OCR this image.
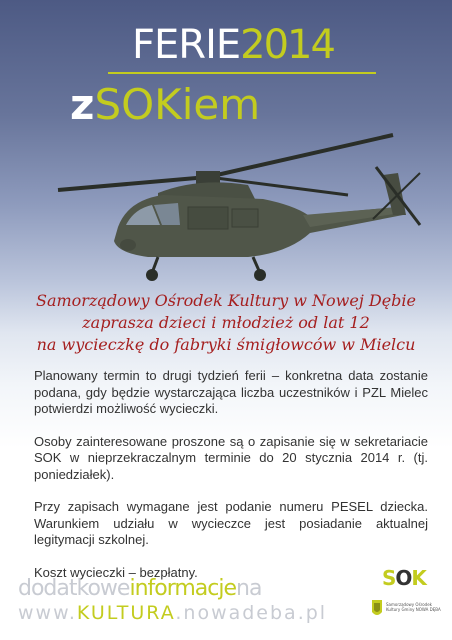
FERIE2014
zSOKiem
Samorządowy Ośrodek Kultury w Nowej Dębie
zaprasza dzieci i młodzież od lat 12
na wycieczkę do fabryki śmigłowców w Mielcu

Planowany termin to drugi tydzień ferii – konkretna data zostanie podana, gdy będzie wystarczająca liczba uczestników i PZL Mielec potwierdzi możliwość wycieczki.

Osoby zainteresowane proszone są o zapisanie się w sekretariacie SOK w nieprzekraczalnym terminie do 20 stycznia 2014 r. (tj. poniedziałek).

Przy zapisach wymagane jest podanie numeru PESEL dziecka. Warunkiem udziału w wycieczce jest posiadanie aktualnej legitymacji szkolnej.

Koszt wycieczki – bezpłatny.

dodatkoweinformacjena
www.KULTURA.nowadeba.pl
SOK
Samorządowy Ośrodek Kultury Gminy NOWA DĘBA
